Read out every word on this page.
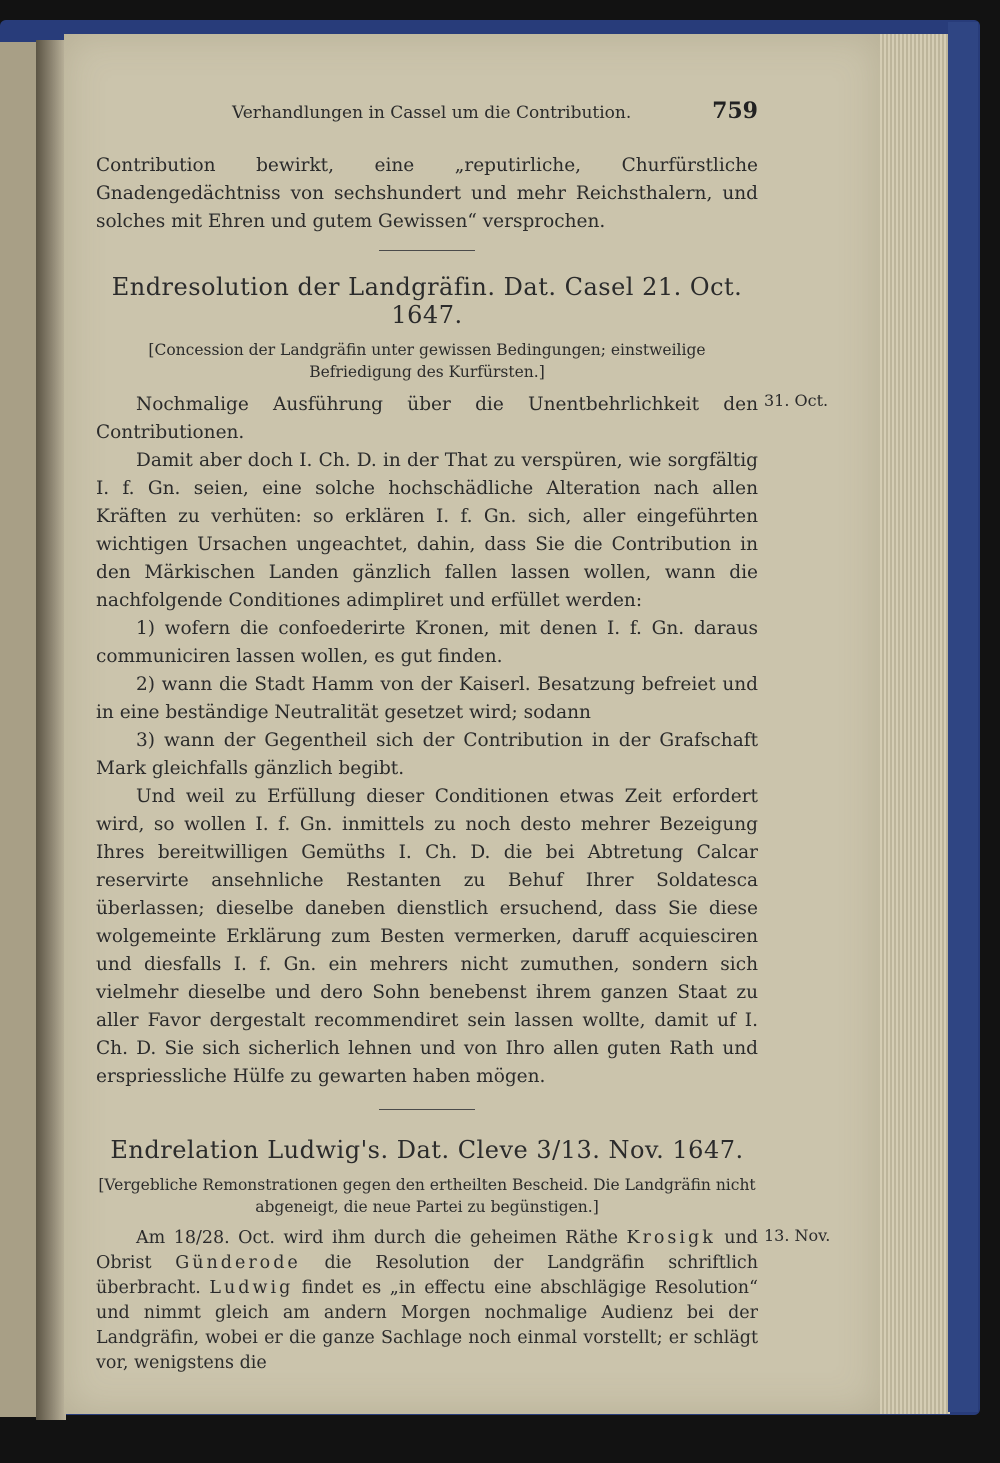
Verhandlungen in Cassel um die Contribution.	759

Contribution bewirkt, eine „reputirliche, Churfürstliche Gnadengedächtniss von sechshundert und mehr Reichsthalern, und solches mit Ehren und gutem Gewissen“ versprochen.

Endresolution der Landgräfin. Dat. Casel 21. Oct. 1647.
[Concession der Landgräfin unter gewissen Bedingungen; einstweilige Befriedigung des Kurfürsten.]

Nochmalige Ausführung über die Unentbehrlichkeit den Contributionen.

31. Oct.

Damit aber doch I. Ch. D. in der That zu verspüren, wie sorgfältig I. f. Gn. seien, eine solche hochschädliche Alteration nach allen Kräften zu verhüten: so erklären I. f. Gn. sich, aller eingeführten wichtigen Ursachen ungeachtet, dahin, dass Sie die Contribution in den Märkischen Landen gänzlich fallen lassen wollen, wann die nachfolgende Conditiones adimpliret und erfüllet werden:

1) wofern die confoederirte Kronen, mit denen I. f. Gn. daraus communiciren lassen wollen, es gut finden.

2) wann die Stadt Hamm von der Kaiserl. Besatzung befreiet und in eine beständige Neutralität gesetzet wird; sodann

3) wann der Gegentheil sich der Contribution in der Grafschaft Mark gleichfalls gänzlich begibt.

Und weil zu Erfüllung dieser Conditionen etwas Zeit erfordert wird, so wollen I. f. Gn. inmittels zu noch desto mehrer Bezeigung Ihres bereitwilligen Gemüths I. Ch. D. die bei Abtretung Calcar reservirte ansehnliche Restanten zu Behuf Ihrer Soldatesca überlassen; dieselbe daneben dienstlich ersuchend, dass Sie diese wolgemeinte Erklärung zum Besten vermerken, daruff acquiesciren und diesfalls I. f. Gn. ein mehrers nicht zumuthen, sondern sich vielmehr dieselbe und dero Sohn benebenst ihrem ganzen Staat zu aller Favor dergestalt recommendiret sein lassen wollte, damit uf I. Ch. D. Sie sich sicherlich lehnen und von Ihro allen guten Rath und erspriessliche Hülfe zu gewarten haben mögen.

Endrelation Ludwig's. Dat. Cleve 3/13. Nov. 1647.
[Vergebliche Remonstrationen gegen den ertheilten Bescheid. Die Landgräfin nicht abgeneigt, die neue Partei zu begünstigen.]

Am 18/28. Oct. wird ihm durch die geheimen Räthe Krosigk und Obrist Günderode die Resolution der Landgräfin schriftlich überbracht. Ludwig findet es „in effectu eine abschlägige Resolution“ und nimmt gleich am andern Morgen nochmalige Audienz bei der Landgräfin, wobei er die ganze Sachlage noch einmal vorstellt; er schlägt vor, wenigstens die

13. Nov.
